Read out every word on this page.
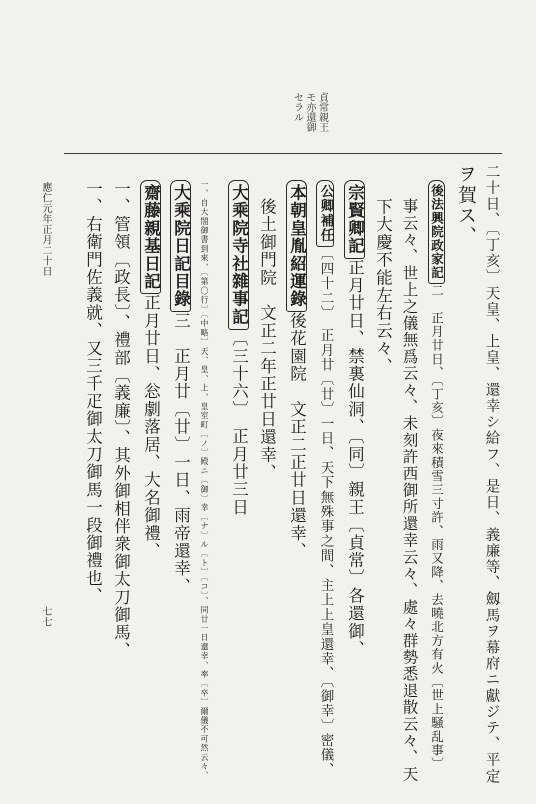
貞常親王
モ亦還御
セラル
二十日、〔丁亥〕天皇、上皇、還幸シ給フ、是日、義廉等、劔馬ヲ幕府ニ獻ジテ、平定
ヲ賀ス、
後法興院政家記二　正月廿日、〔丁亥〕夜來積雪三寸許、雨又降、去曉北方有火〔世上騒乱事〕
事云々、世上之儀無爲云々、未刻許西御所還幸云々、處々群勢悉退散云々、天
下大慶不能左右云々、
宗賢卿記正月廿日、禁裏仙洞、〔同〕親王〔貞常〕各還御、
公卿補任〔四十二〕　正月廿〔廿〕一日、天下無殊事之間、主上上皇還幸、〔御幸〕密儀、
本朝皇胤紹運錄後花園院　文正二正廿日還幸、
後土御門院　文正二年正廿日還幸、
大乘院寺社雜事記〔三十六〕　正月廿三日
一、自大閤御書到來、〔第〇行〕〔中略〕天、皇、上、皇室町〔ノ〕殿ニ〔御〕幸〔ナ〕ル〔ト〕〔コ〕、同廿一日還幸、率〔卒〕爾儀不可然云々、
大乘院日記目錄三　正月廿〔廿〕一日、雨帝還幸、
齋藤親基日記正月廿日、忩劇落居、大名御禮、
一、管領〔政長〕、禮部〔義廉〕、其外御相伴衆御太刀御馬、
一、右衛門佐義就、又三千疋御太刀御馬一段御禮也、
應仁元年正月二十日
七七
